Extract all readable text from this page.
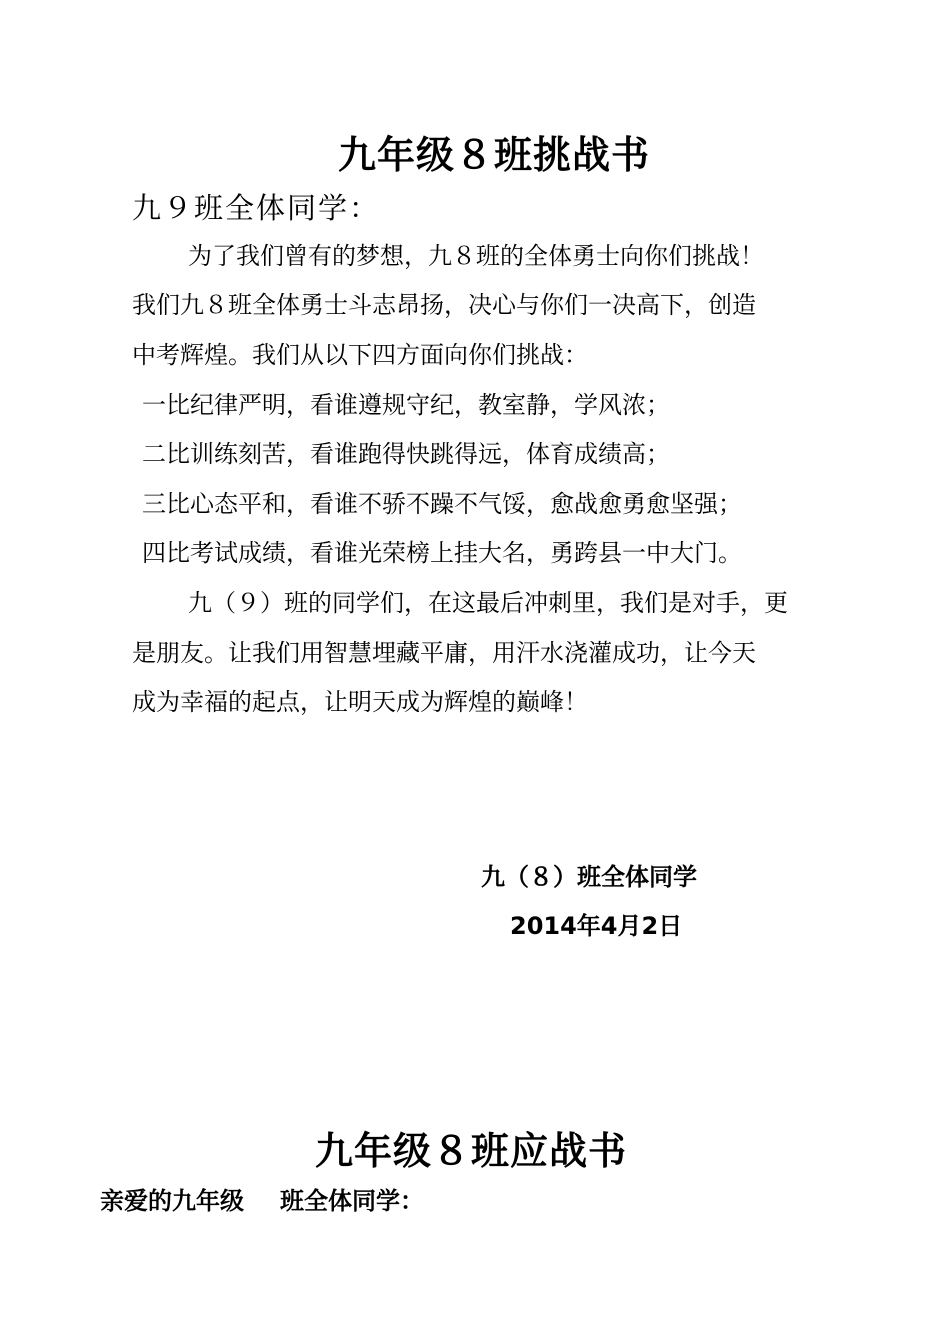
九年级８班挑战书
九９班全体同学：
为了我们曾有的梦想，九８班的全体勇士向你们挑战！
我们九８班全体勇士斗志昂扬，决心与你们一决高下，创造
中考辉煌。我们从以下四方面向你们挑战：
一比纪律严明，看谁遵规守纪，教室静，学风浓；
二比训练刻苦，看谁跑得快跳得远，体育成绩高；
三比心态平和，看谁不骄不躁不气馁，愈战愈勇愈坚强；
四比考试成绩，看谁光荣榜上挂大名，勇跨县一中大门。
九（９）班的同学们，在这最后冲刺里，我们是对手，更
是朋友。让我们用智慧埋藏平庸，用汗水浇灌成功，让今天
成为幸福的起点，让明天成为辉煌的巅峰！
九（８）班全体同学
2014年4月2日
九年级８班应战书
亲爱的九年级 班全体同学：
